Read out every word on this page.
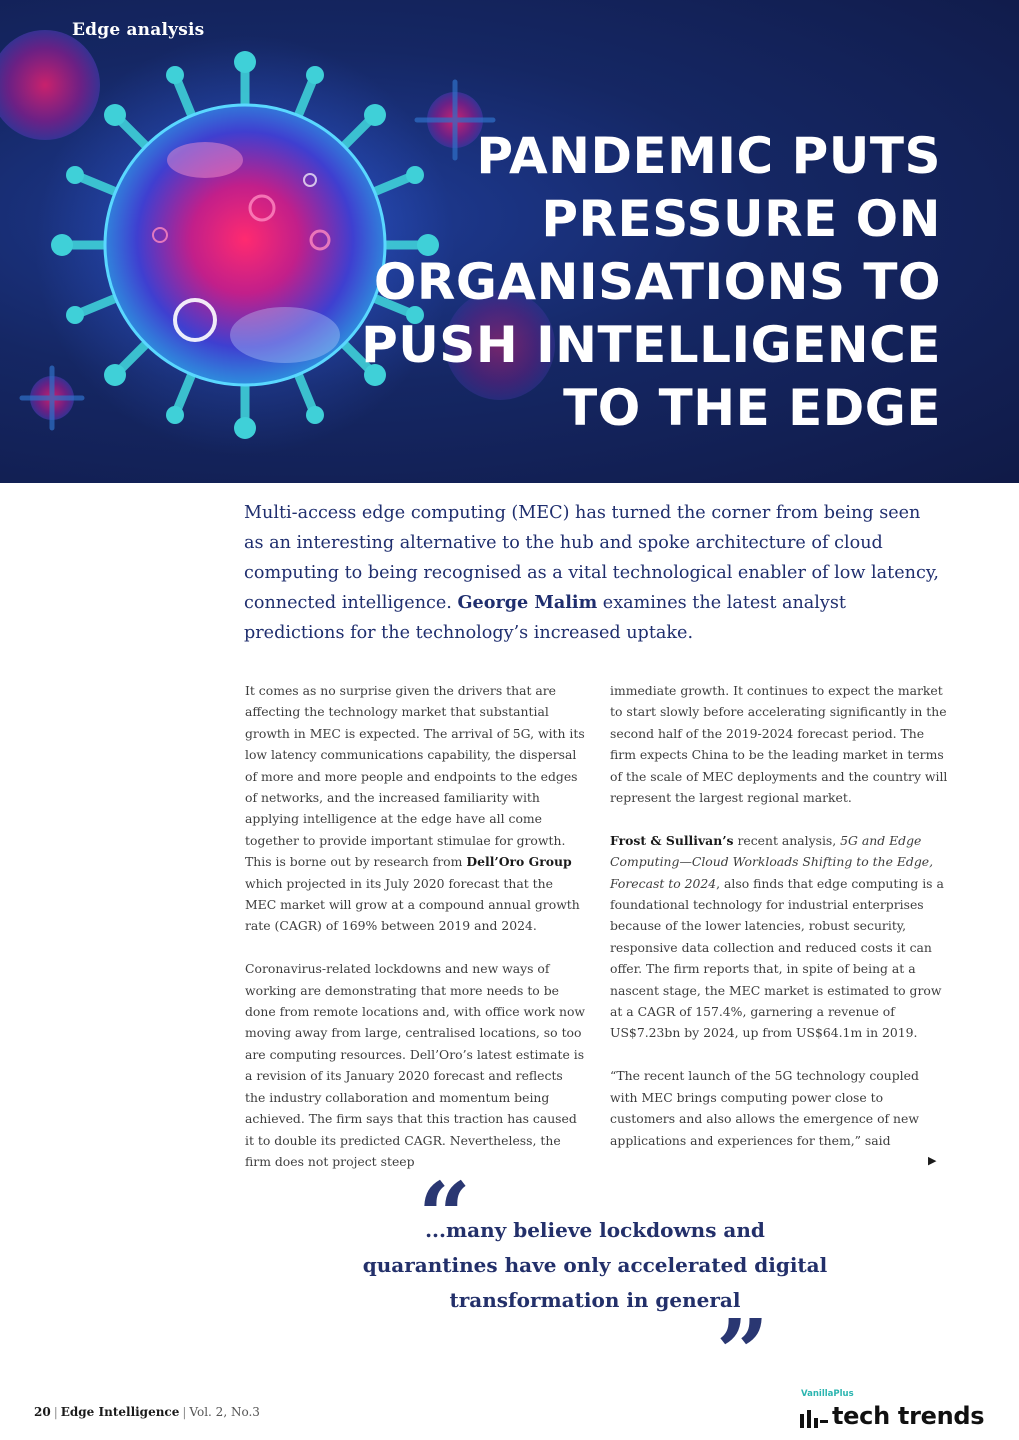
Edge analysis
PANDEMIC PUTS
PRESSURE ON
ORGANISATIONS TO
PUSH INTELLIGENCE
TO THE EDGE

Multi-access edge computing (MEC) has turned the corner from being seen as an interesting alternative to the hub and spoke architecture of cloud computing to being recognised as a vital technological enabler of low latency, connected intelligence. George Malim examines the latest analyst predictions for the technology’s increased uptake.

It comes as no surprise given the drivers that are affecting the technology market that substantial growth in MEC is expected. The arrival of 5G, with its low latency communications capability, the dispersal of more and more people and endpoints to the edges of networks, and the increased familiarity with applying intelligence at the edge have all come together to provide important stimulae for growth. This is borne out by research from Dell’Oro Group which projected in its July 2020 forecast that the MEC market will grow at a compound annual growth rate (CAGR) of 169% between 2019 and 2024.

Coronavirus-related lockdowns and new ways of working are demonstrating that more needs to be done from remote locations and, with office work now moving away from large, centralised locations, so too are computing resources. Dell’Oro’s latest estimate is a revision of its January 2020 forecast and reflects the industry collaboration and momentum being achieved. The firm says that this traction has caused it to double its predicted CAGR. Nevertheless, the firm does not project steep

immediate growth. It continues to expect the market to start slowly before accelerating significantly in the second half of the 2019-2024 forecast period. The firm expects China to be the leading market in terms of the scale of MEC deployments and the country will represent the largest regional market.

Frost & Sullivan’s recent analysis, 5G and Edge Computing—Cloud Workloads Shifting to the Edge, Forecast to 2024, also finds that edge computing is a foundational technology for industrial enterprises because of the lower latencies, robust security, responsive data collection and reduced costs it can offer. The firm reports that, in spite of being at a nascent stage, the MEC market is estimated to grow at a CAGR of 157.4%, garnering a revenue of US$7.23bn by 2024, up from US$64.1m in 2019.

“The recent launch of the 5G technology coupled with MEC brings computing power close to customers and also allows the emergence of new applications and experiences for them,” said

▶
“

...many believe lockdowns and
quarantines have only accelerated digital
transformation in general

”
20 | Edge Intelligence | Vol. 2, No.3
VanillaPlus
tech trends
